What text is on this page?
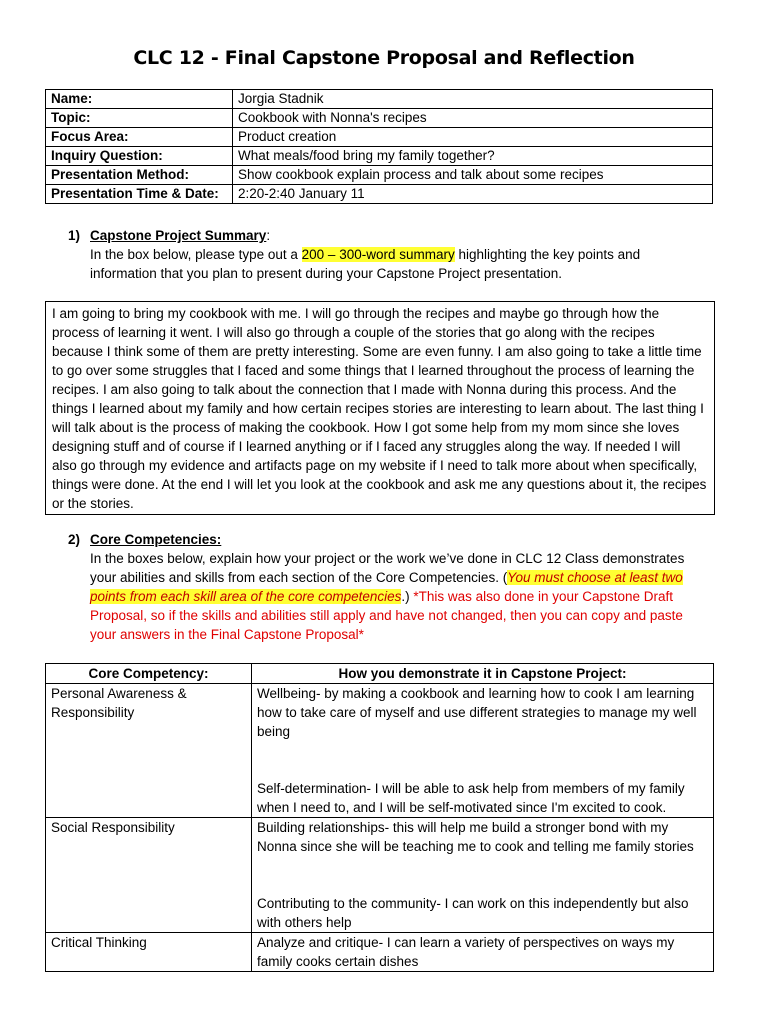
CLC 12 - Final Capstone Proposal and Reflection
Name:	Jorgia Stadnik
Topic:	Cookbook with Nonna's recipes
Focus Area:	Product creation
Inquiry Question:	What meals/food bring my family together?
Presentation Method:	Show cookbook explain process and talk about some recipes
Presentation Time & Date:	2:20-2:40 January 11
1) Capstone Project Summary:
In the box below, please type out a 200 – 300-word summary highlighting the key points and
information that you plan to present during your Capstone Project presentation.
I am going to bring my cookbook with me. I will go through the recipes and maybe go through how the process of learning it went. I will also go through a couple of the stories that go along with the recipes because I think some of them are pretty interesting. Some are even funny. I am also going to take a little time to go over some struggles that I faced and some things that I learned throughout the process of learning the recipes. I am also going to talk about the connection that I made with Nonna during this process. And the things I learned about my family and how certain recipes stories are interesting to learn about. The last thing I will talk about is the process of making the cookbook. How I got some help from my mom since she loves designing stuff and of course if I learned anything or if I faced any struggles along the way. If needed I will also go through my evidence and artifacts page on my website if I need to talk more about when specifically, things were done. At the end I will let you look at the cookbook and ask me any questions about it, the recipes or the stories.
2) Core Competencies:
In the boxes below, explain how your project or the work we’ve done in CLC 12 Class demonstrates your abilities and skills from each section of the Core Competencies. (You must choose at least two points from each skill area of the core competencies.) *This was also done in your Capstone Draft Proposal, so if the skills and abilities still apply and have not changed, then you can copy and paste your answers in the Final Capstone Proposal*
Core Competency:	How you demonstrate it in Capstone Project:
Personal Awareness & Responsibility	Wellbeing- by making a cookbook and learning how to cook I am learning how to take care of myself and use different strategies to manage my well being
Self-determination- I will be able to ask help from members of my family when I need to, and I will be self-motivated since I'm excited to cook.

Social Responsibility	Building relationships- this will help me build a stronger bond with my Nonna since she will be teaching me to cook and telling me family stories
Contributing to the community- I can work on this independently but also with others help

Critical Thinking	Analyze and critique- I can learn a variety of perspectives on ways my family cooks certain dishes
